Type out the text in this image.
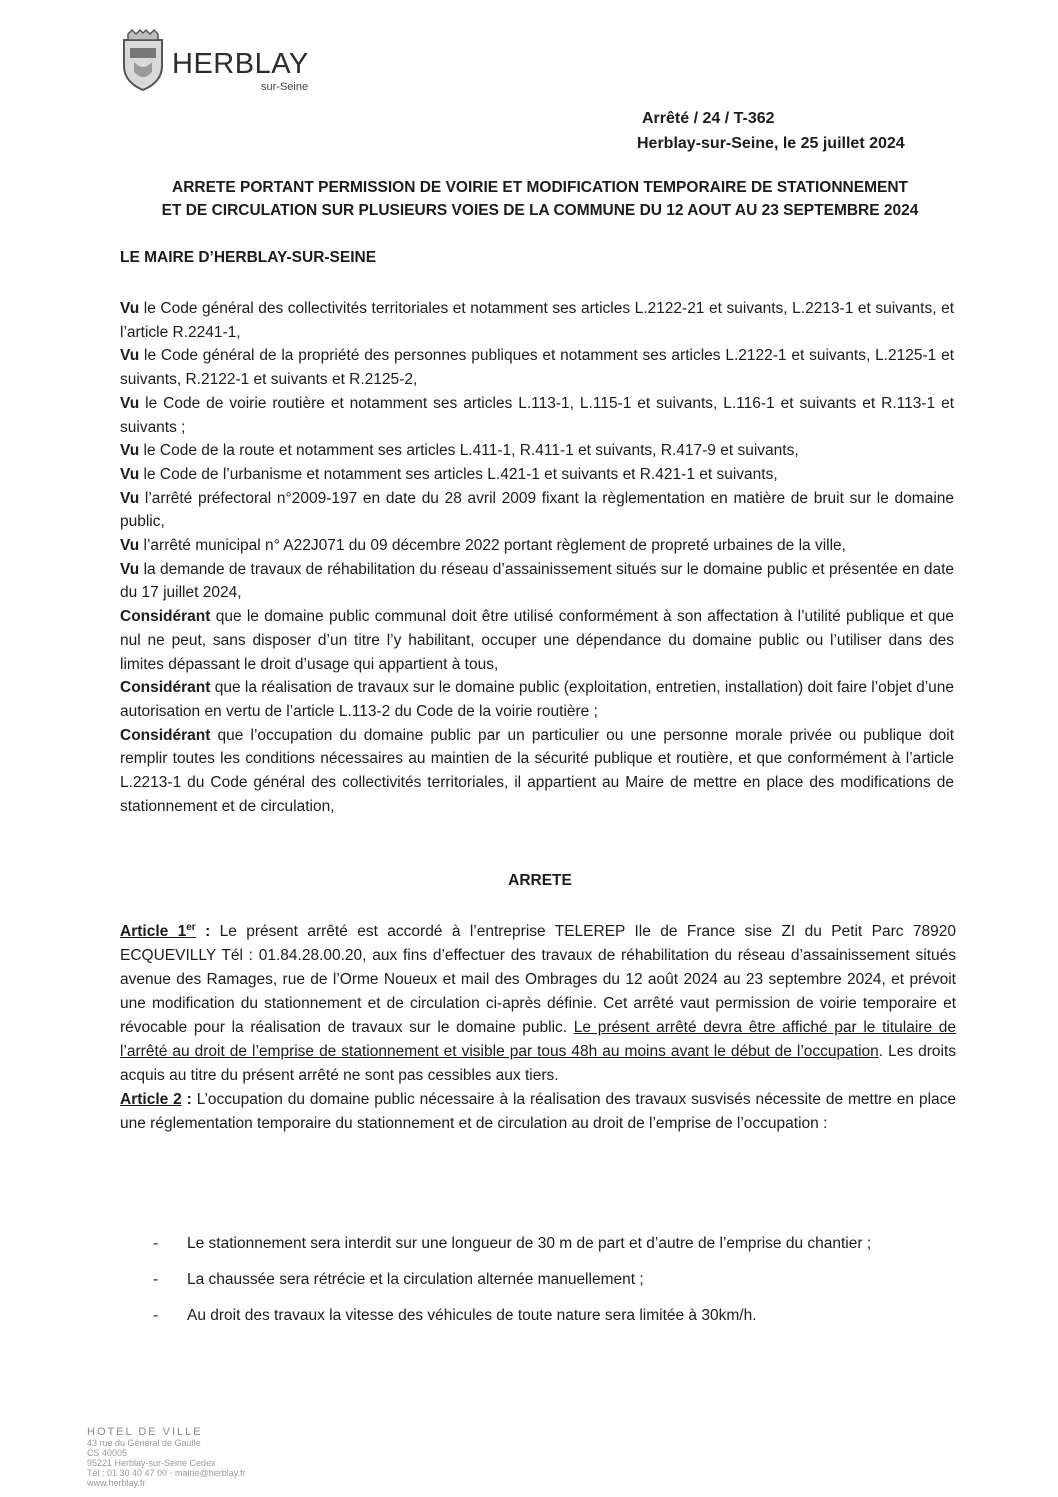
HERBLAY
sur-Seine
Arrêté / 24 / T-362
Herblay-sur-Seine, le 25 juillet 2024
ARRETE PORTANT PERMISSION DE VOIRIE ET MODIFICATION TEMPORAIRE DE STATIONNEMENT
ET DE CIRCULATION SUR PLUSIEURS VOIES DE LA COMMUNE DU 12 AOUT AU 23 SEPTEMBRE 2024
LE MAIRE D’HERBLAY-SUR-SEINE

Vu le Code général des collectivités territoriales et notamment ses articles L.2122-21 et suivants, L.2213-1 et suivants, et l’article R.2241-1,

Vu le Code général de la propriété des personnes publiques et notamment ses articles L.2122-1 et suivants, L.2125-1 et suivants, R.2122-1 et suivants et R.2125-2,

Vu le Code de voirie routière et notamment ses articles L.113-1, L.115-1 et suivants, L.116-1 et suivants et R.113-1 et suivants ;

Vu le Code de la route et notamment ses articles L.411-1, R.411-1 et suivants, R.417-9 et suivants,

Vu le Code de l’urbanisme et notamment ses articles L.421-1 et suivants et R.421-1 et suivants,

Vu l’arrêté préfectoral n°2009-197 en date du 28 avril 2009 fixant la règlementation en matière de bruit sur le domaine public,

Vu l’arrêté municipal n° A22J071 du 09 décembre 2022 portant règlement de propreté urbaines de la ville,

Vu la demande de travaux de réhabilitation du réseau d’assainissement situés sur le domaine public et présentée en date du 17 juillet 2024,

Considérant que le domaine public communal doit être utilisé conformément à son affectation à l’utilité publique et que nul ne peut, sans disposer d’un titre l’y habilitant, occuper une dépendance du domaine public ou l’utiliser dans des limites dépassant le droit d’usage qui appartient à tous,

Considérant que la réalisation de travaux sur le domaine public (exploitation, entretien, installation) doit faire l’objet d’une autorisation en vertu de l’article L.113-2 du Code de la voirie routière ;

Considérant que l’occupation du domaine public par un particulier ou une personne morale privée ou publique doit remplir toutes les conditions nécessaires au maintien de la sécurité publique et routière, et que conformément à l’article L.2213-1 du Code général des collectivités territoriales, il appartient au Maire de mettre en place des modifications de stationnement et de circulation,

ARRETE

Article 1er : Le présent arrêté est accordé à l’entreprise TELEREP Ile de France sise ZI du Petit Parc 78920 ECQUEVILLY Tél : 01.84.28.00.20, aux fins d’effectuer des travaux de réhabilitation du réseau d’assainissement situés avenue des Ramages, rue de l’Orme Noueux et mail des Ombrages du 12 août 2024 au 23 septembre 2024, et prévoit une modification du stationnement et de circulation ci-après définie. Cet arrêté vaut permission de voirie temporaire et révocable pour la réalisation de travaux sur le domaine public. Le présent arrêté devra être affiché par le titulaire de l’arrêté au droit de l’emprise de stationnement et visible par tous 48h au moins avant le début de l’occupation. Les droits acquis au titre du présent arrêté ne sont pas cessibles aux tiers.

Article 2 : L’occupation du domaine public nécessaire à la réalisation des travaux susvisés nécessite de mettre en place une réglementation temporaire du stationnement et de circulation au droit de l’emprise de l’occupation :

-	Le stationnement sera interdit sur une longueur de 30 m de part et d’autre de l’emprise du chantier ;
-	La chaussée sera rétrécie et la circulation alternée manuellement ;
-	Au droit des travaux la vitesse des véhicules de toute nature sera limitée à 30km/h.
HOTEL DE VILLE
43 rue du Général de Gaulle
CS 40005
95221 Herblay-sur-Seine Cedex
Tél : 01 30 40 47 00 - mairie@herblay.fr
www.herblay.fr
